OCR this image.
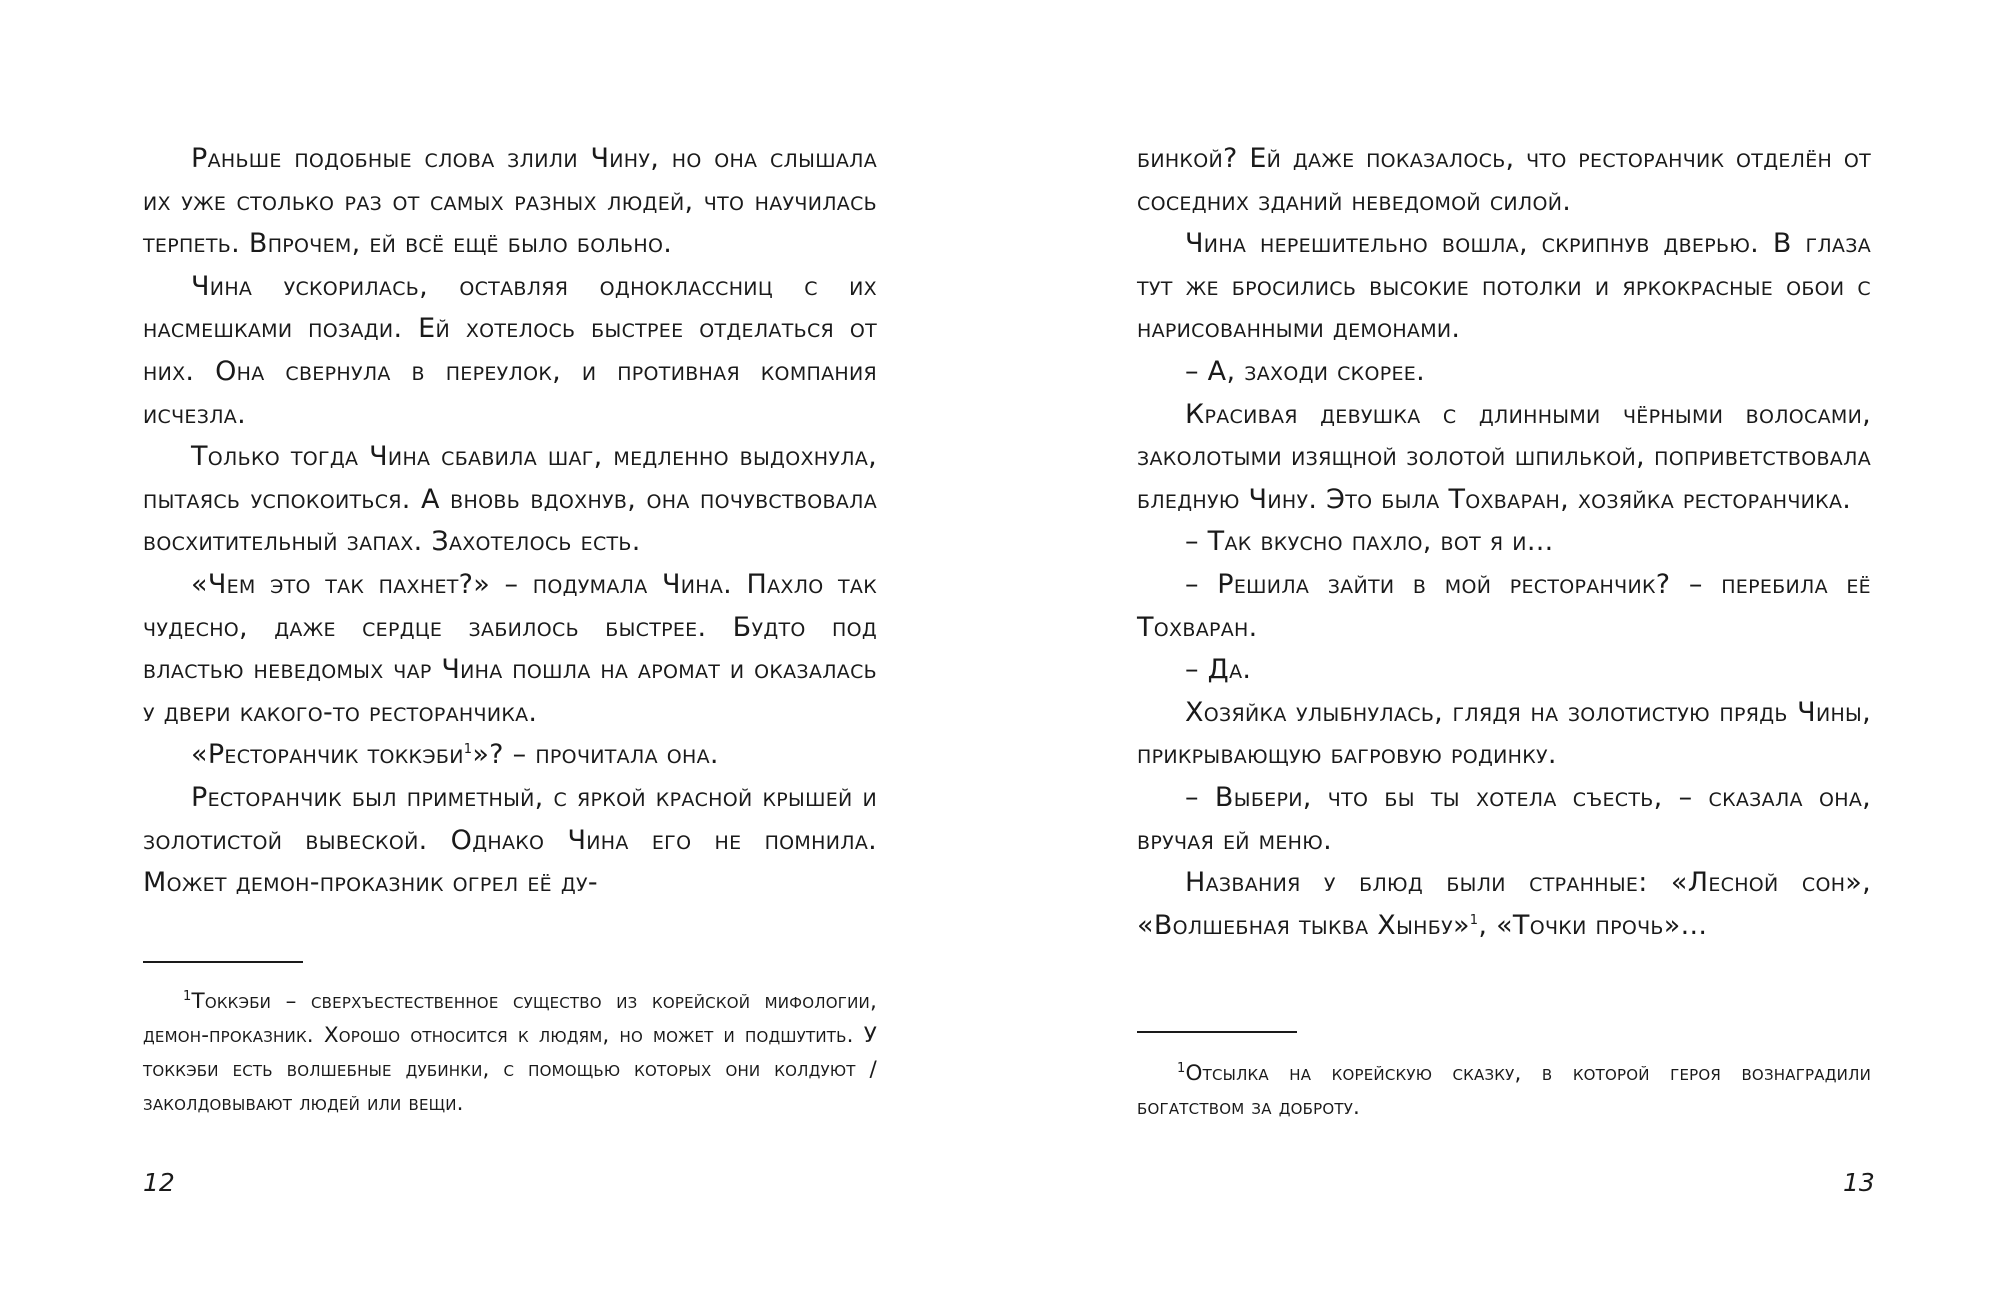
Раньше подобные слова злили Чину, но она слышала их уже столько раз от самых разных людей, что научилась терпеть. Впрочем, ей всё ещё было больно.

Чина ускорилась, оставляя одноклассниц с их насмешками позади. Ей хотелось быстрее отделаться от них. Она свернула в переулок, и противная компания исчезла.

Только тогда Чина сбавила шаг, медленно выдохнула, пытаясь успокоиться. А вновь вдохнув, она почувствовала восхитительный запах. Захотелось есть.

«Чем это так пахнет?» – подумала Чина. Пахло так чудесно, даже сердце забилось быстрее. Будто под властью неведомых чар Чина пошла на аромат и оказалась у двери какого-то ресторанчика.

«Ресторанчик токкэби$^1$»? – прочитала она.

Ресторанчик был приметный, с яркой красной крышей и золотистой вывеской. Однако Чина его не помнила. Может демон-проказник огрел её ду-

$^1$Токкэби – сверхъестественное существо из корейской мифологии, демон-проказник. Хорошо относится к людям, но может и подшутить. У токкэби есть волшебные дубинки, с помощью которых они колдуют / заколдовывают людей или вещи.

12

бинкой? Ей даже показалось, что ресторанчик отделён от соседних зданий неведомой силой.

Чина нерешительно вошла, скрипнув дверью. В глаза тут же бросились высокие потолки и яркокрасные обои с нарисованными демонами.

– А, заходи скорее.

Красивая девушка с длинными чёрными волосами, заколотыми изящной золотой шпилькой, поприветствовала бледную Чину. Это была Тохваран, хозяйка ресторанчика.

– Так вкусно пахло, вот я и...

– Решила зайти в мой ресторанчик? – перебила её Тохваран.

– Да.

Хозяйка улыбнулась, глядя на золотистую прядь Чины, прикрывающую багровую родинку.

– Выбери, что бы ты хотела съесть, – сказала она, вручая ей меню.

Названия у блюд были странные: «Лесной сон», «Волшебная тыква Хынбу»$^1$, «Точки прочь»...

$^1$Отсылка на корейскую сказку, в которой героя вознаградили богатством за доброту.

13
